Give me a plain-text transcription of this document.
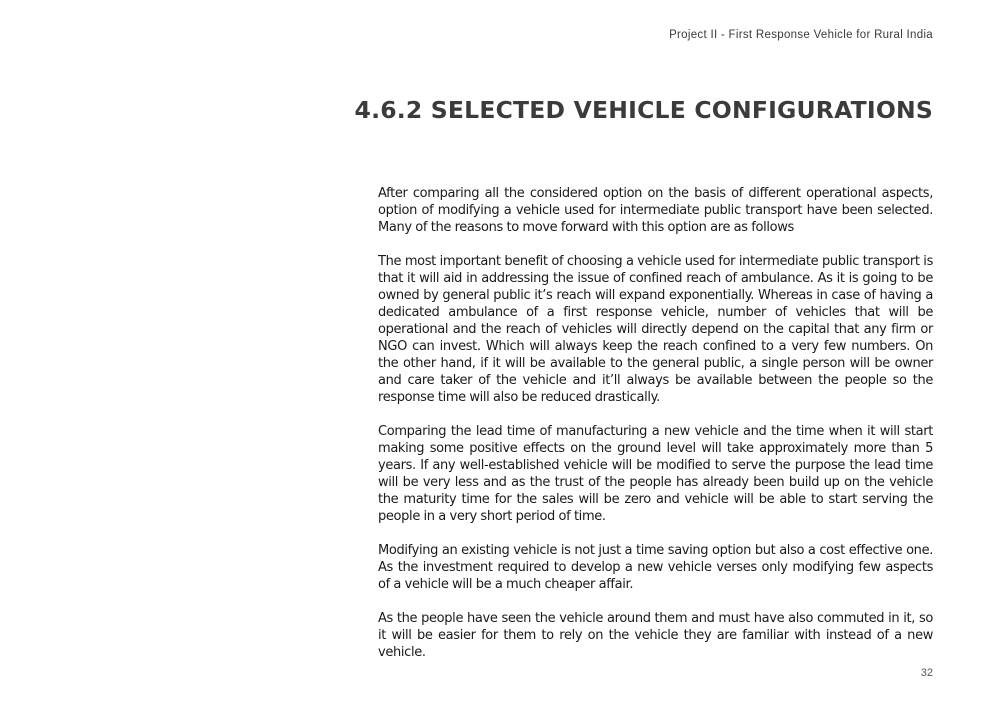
Project II - First Response Vehicle for Rural India
4.6.2 SELECTED VEHICLE CONFIGURATIONS

After comparing all the considered option on the basis of different operational aspects, option of modifying a vehicle used for intermediate public transport have been selected. Many of the reasons to move forward with this option are as follows

The most important benefit of choosing a vehicle used for intermediate public transport is that it will aid in addressing the issue of confined reach of ambulance. As it is going to be owned by general public it’s reach will expand exponentially. Whereas in case of having a dedicated ambulance of a first response vehicle, number of vehicles that will be operational and the reach of vehicles will directly depend on the capital that any firm or NGO can invest. Which will always keep the reach confined to a very few numbers. On the other hand, if it will be available to the general public, a single person will be owner and care taker of the vehicle and it’ll always be available between the people so the response time will also be reduced drastically.

Comparing the lead time of manufacturing a new vehicle and the time when it will start making some positive effects on the ground level will take approximately more than 5 years. If any well-established vehicle will be modified to serve the purpose the lead time will be very less and as the trust of the people has already been build up on the vehicle the maturity time for the sales will be zero and vehicle will be able to start serving the people in a very short period of time.

Modifying an existing vehicle is not just a time saving option but also a cost effective one. As the investment required to develop a new vehicle verses only modifying few aspects of a vehicle will be a much cheaper affair.

As the people have seen the vehicle around them and must have also commuted in it, so it will be easier for them to rely on the vehicle they are familiar with instead of a new vehicle.

32
